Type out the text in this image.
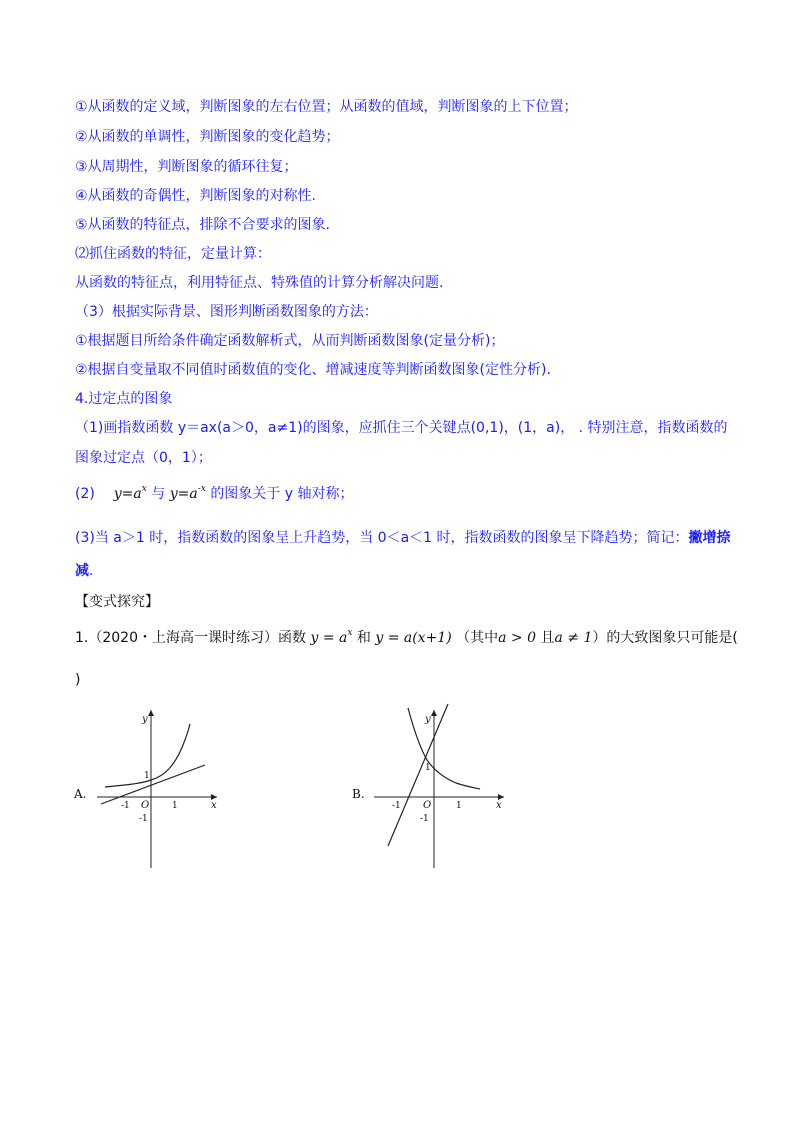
①从函数的定义域，判断图象的左右位置；从函数的值域，判断图象的上下位置；
②从函数的单调性，判断图象的变化趋势；
③从周期性，判断图象的循环往复；
④从函数的奇偶性，判断图象的对称性.
⑤从函数的特征点，排除不合要求的图象.
⑵抓住函数的特征，定量计算：
从函数的特征点，利用特征点、特殊值的计算分析解决问题.
（3）根据实际背景、图形判断函数图象的方法：
①根据题目所给条件确定函数解析式，从而判断函数图象(定量分析)；
②根据自变量取不同值时函数值的变化、增减速度等判断函数图象(定性分析).
4.过定点的图象
（1)画指数函数 y＝ax(a＞0，a≠1)的图象，应抓住三个关键点(0,1)，(1，a)， . 特别注意，指数函数的
图象过定点（0，1）；
(2) $y=a^x$ 与 $y=a^{-x}$ 的图象关于 y 轴对称；
(3)当 a＞1 时，指数函数的图象呈上升趋势，当 0＜a＜1 时，指数函数的图象呈下降趋势；简记：撇增捺
减.
【变式探究】
1.（2020・上海高一课时练习）函数 $y = a^x$ 和 y = a(x+1) （其中a > 0 且a ≠ 1）的大致图象只可能是(
)
A.
y
x
O
-1	1
1
-1
B.
y
x
O
-1	1
1
-1
